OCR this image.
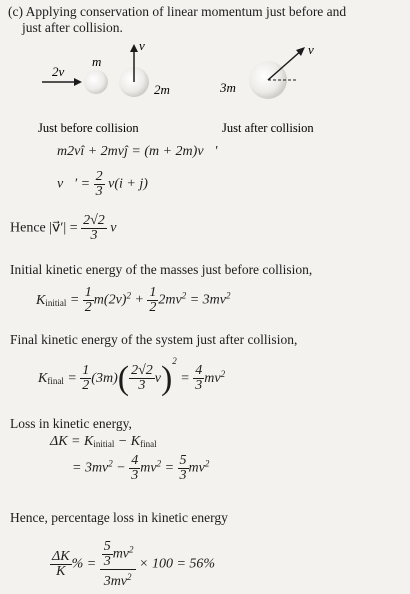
(c) Applying conservation of linear momentum just before and
just after collision.
2v
m
v
2m
Just before collision
3m
v
Just after collision
m2vî + 2mvĵ = (m + 2m)v⃗′
v⃗′ = $\frac{2}{3} v(i + j)$
Hence |v⃗′| = $\frac{2√2}{3}$ v
Initial kinetic energy of the masses just before collision,
$K_{initial} = \frac{1}{2} m(2v)^2 + \frac{1}{2} 2mv^2 = 3mv^2$
Final kinetic energy of the system just after collision,
$K_{final} = \frac{1}{2} (3m)( \frac{2√2}{3} v)^2 = \frac{4}{3} mv^2$
Loss in kinetic energy,
$\Delta K = K_{initial} - K_{final}$
= $3mv^2 - \frac{4}{3} mv^2 = \frac{5}{3} mv^2$
Hence, percentage loss in kinetic energy
$\frac{\Delta K}{K}$ % = $\frac{\frac{5}{3} mv^2}{3mv^2} \times 100 = 56\%$
